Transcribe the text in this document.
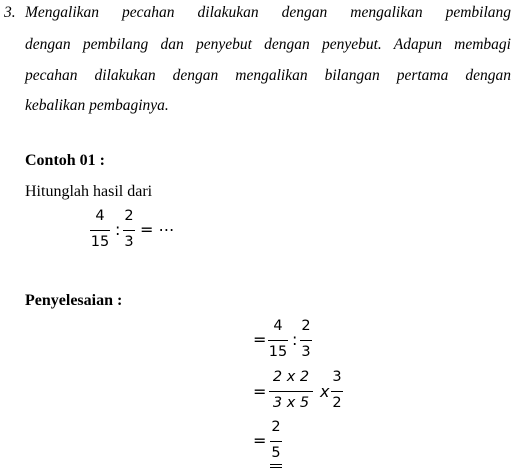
3. Mengalikan pecahan dilakukan dengan mengalikan pembilang
dengan pembilang dan penyebut dengan penyebut. Adapun membagi
pecahan dilakukan dengan mengalikan bilangan pertama dengan
kebalikan pembaginya.
Contoh 01 :
Hitunglah hasil dari
4
15
:
2
3
= ⋯
Penyelesaian :
=
4
15
:
2
3
=
2 x 2
3 x 5
x
3
2
=
2
5
